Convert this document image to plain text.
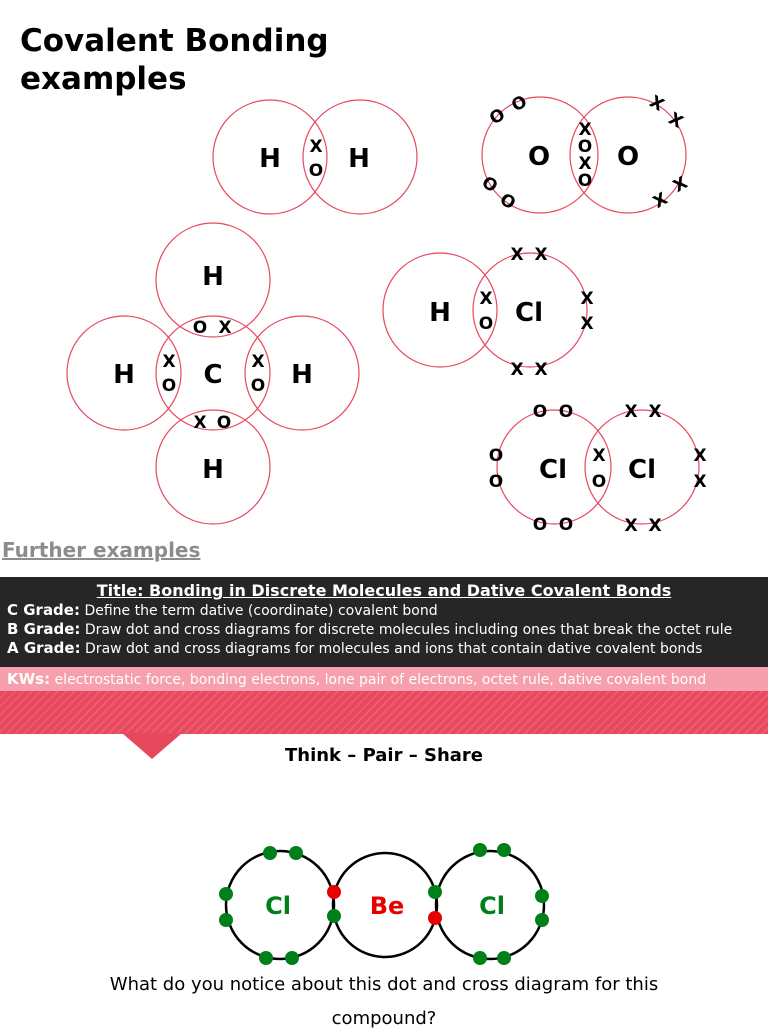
Covalent Bonding
examples
H	H
X
O	O	O
X
O
X
O
O
O
O
O
X
X
X
X
H
H	C	H
H
O X
X
O
X
O
X O
H Cl
X
O
X X
X
X
X X
Cl Cl
X
O
O O
O
O
O O
X X
X
X
X X
Further examples
Title: Bonding in Discrete Molecules and Dative Covalent Bonds
C Grade: Define the term dative (coordinate) covalent bond
B Grade: Draw dot and cross diagrams for discrete molecules including ones that break the octet rule
A Grade: Draw dot and cross diagrams for molecules and ions that contain dative covalent bonds
KWs: electrostatic force, bonding electrons, lone pair of electrons, octet rule, dative covalent bond
Think – Pair – Share
Cl	Be	Cl
What do you notice about this dot and cross diagram for this compound?
